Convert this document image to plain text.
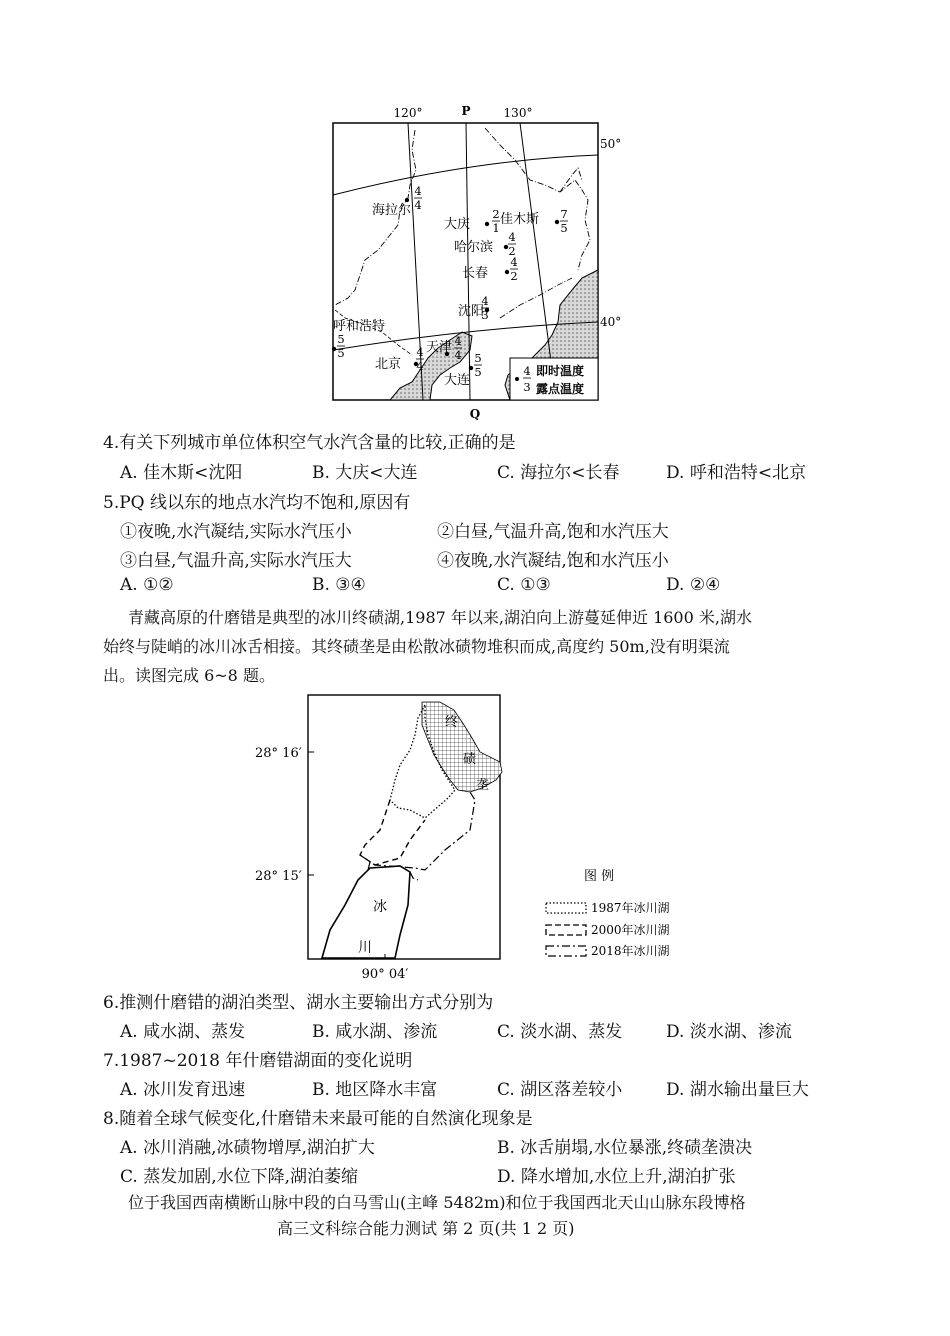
120°	P	130°
50°
40°
Q
海拉尔
大庆 佳木斯
哈尔滨
长春
沈阳
呼和浩特
天津
北京
大连
4
4
2
1
7
5
4
2
4
2
4
3
5
5
4
4
4
4
5
5	4
3
即时温度
露点温度
4.有关下列城市单位体积空气水汽含量的比较,正确的是
A. 佳木斯<沈阳	B. 大庆<大连	C. 海拉尔<长春	D. 呼和浩特<北京
5.PQ 线以东的地点水汽均不饱和,原因有
①夜晚,水汽凝结,实际水汽压小	②白昼,气温升高,饱和水汽压大
③白昼,气温升高,实际水汽压大	④夜晚,水汽凝结,饱和水汽压小
A. ①②	B. ③④	C. ①③	D. ②④
青藏高原的什磨错是典型的冰川终碛湖,1987 年以来,湖泊向上游蔓延伸近 1600 米,湖水
始终与陡峭的冰川冰舌相接。其终碛垄是由松散冰碛物堆积而成,高度约 50m,没有明渠流
出。读图完成 6~8 题。
28° 16′
28° 15′
90° 04′
终
碛
垄
冰
川
图 例
1987年冰川湖
2000年冰川湖
2018年冰川湖
6.推测什磨错的湖泊类型、湖水主要输出方式分别为
A. 咸水湖、蒸发	B. 咸水湖、渗流	C. 淡水湖、蒸发	D. 淡水湖、渗流
7.1987~2018 年什磨错湖面的变化说明
A. 冰川发育迅速	B. 地区降水丰富	C. 湖区落差较小	D. 湖水输出量巨大
8.随着全球气候变化,什磨错未来最可能的自然演化现象是
A. 冰川消融,冰碛物增厚,湖泊扩大	B. 冰舌崩塌,水位暴涨,终碛垄溃决
C. 蒸发加剧,水位下降,湖泊萎缩	D. 降水增加,水位上升,湖泊扩张
位于我国西南横断山脉中段的白马雪山(主峰 5482m)和位于我国西北天山山脉东段博格
高三文科综合能力测试 第 2 页(共 1 2 页)
